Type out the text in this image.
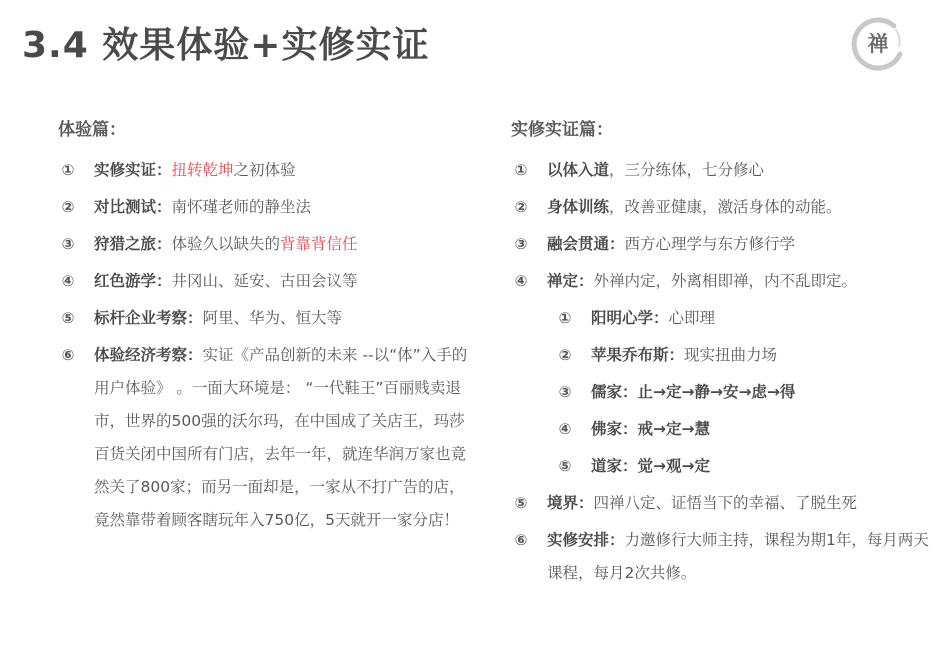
3.4 效果体验+实修实证	禅
体验篇：
① 实修实证：扭转乾坤之初体验
② 对比测试：南怀瑾老师的静坐法
③ 狩猎之旅：体验久以缺失的背靠背信任
④ 红色游学：井冈山、延安、古田会议等
⑤ 标杆企业考察：阿里、华为、恒大等
⑥ 体验经济考察：实证《产品创新的未来 --以“体”入手的用户体验》 。一面大环境是： “一代鞋王”百丽贱卖退市，世界的500强的沃尔玛，在中国成了关店王，玛莎百货关闭中国所有门店，去年一年，就连华润万家也竟然关了800家；而另一面却是，一家从不打广告的店，竟然靠带着顾客瞎玩年入750亿，5天就开一家分店！
实修实证篇：
① 以体入道，三分练体，七分修心
② 身体训练，改善亚健康，激活身体的动能。
③ 融会贯通：西方心理学与东方修行学
④ 禅定：外禅内定，外离相即禅，内不乱即定。
① 阳明心学：心即理
② 苹果乔布斯：现实扭曲力场
③ 儒家：止→定→静→安→虑→得
④ 佛家：戒→定→慧
⑤ 道家：觉→观→定
⑤ 境界：四禅八定、证悟当下的幸福、了脱生死
⑥ 实修安排：力邀修行大师主持，课程为期1年，每月两天课程，每月2次共修。
